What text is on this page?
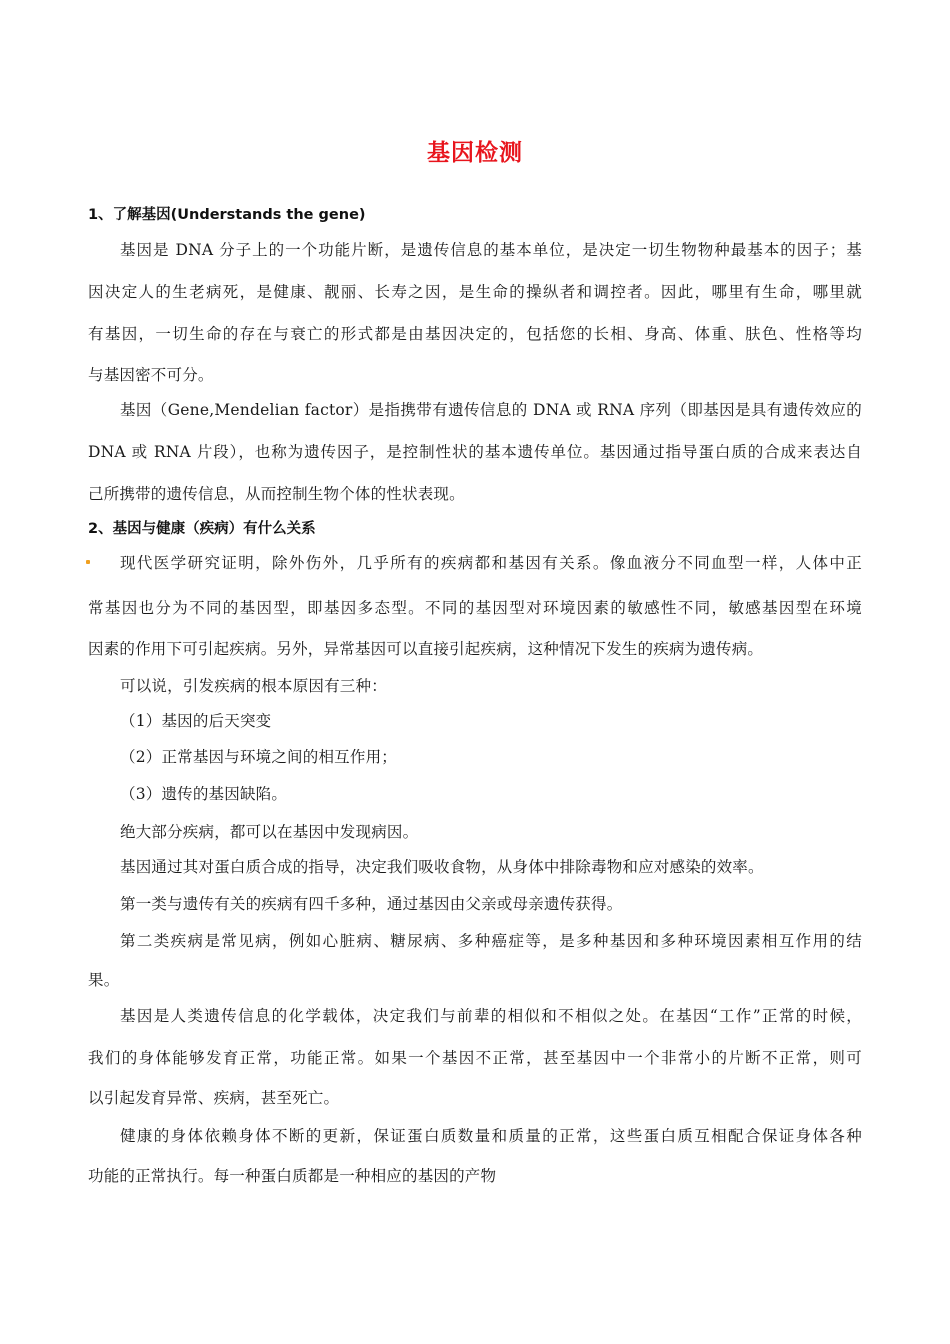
基因检测
1、了解基因(Understands the gene)
基因是 DNA 分子上的一个功能片断，是遗传信息的基本单位，是决定一切生物物种最基本的因子；基
因决定人的生老病死，是健康、靓丽、长寿之因，是生命的操纵者和调控者。因此，哪里有生命，哪里就
有基因，一切生命的存在与衰亡的形式都是由基因决定的，包括您的长相、身高、体重、肤色、性格等均
与基因密不可分。
基因（Gene,Mendelian factor）是指携带有遗传信息的 DNA 或 RNA 序列（即基因是具有遗传效应的
DNA 或 RNA 片段），也称为遗传因子，是控制性状的基本遗传单位。基因通过指导蛋白质的合成来表达自
己所携带的遗传信息，从而控制生物个体的性状表现。
2、基因与健康（疾病）有什么关系
现代医学研究证明，除外伤外，几乎所有的疾病都和基因有关系。像血液分不同血型一样，人体中正
常基因也分为不同的基因型，即基因多态型。不同的基因型对环境因素的敏感性不同，敏感基因型在环境
因素的作用下可引起疾病。另外，异常基因可以直接引起疾病，这种情况下发生的疾病为遗传病。
可以说，引发疾病的根本原因有三种：
（1）基因的后天突变
（2）正常基因与环境之间的相互作用；
（3）遗传的基因缺陷。
绝大部分疾病，都可以在基因中发现病因。
基因通过其对蛋白质合成的指导，决定我们吸收食物，从身体中排除毒物和应对感染的效率。
第一类与遗传有关的疾病有四千多种，通过基因由父亲或母亲遗传获得。
第二类疾病是常见病，例如心脏病、糖尿病、多种癌症等，是多种基因和多种环境因素相互作用的结
果。
基因是人类遗传信息的化学载体，决定我们与前辈的相似和不相似之处。在基因“工作”正常的时候，
我们的身体能够发育正常，功能正常。如果一个基因不正常，甚至基因中一个非常小的片断不正常，则可
以引起发育异常、疾病，甚至死亡。
健康的身体依赖身体不断的更新，保证蛋白质数量和质量的正常，这些蛋白质互相配合保证身体各种
功能的正常执行。每一种蛋白质都是一种相应的基因的产物
